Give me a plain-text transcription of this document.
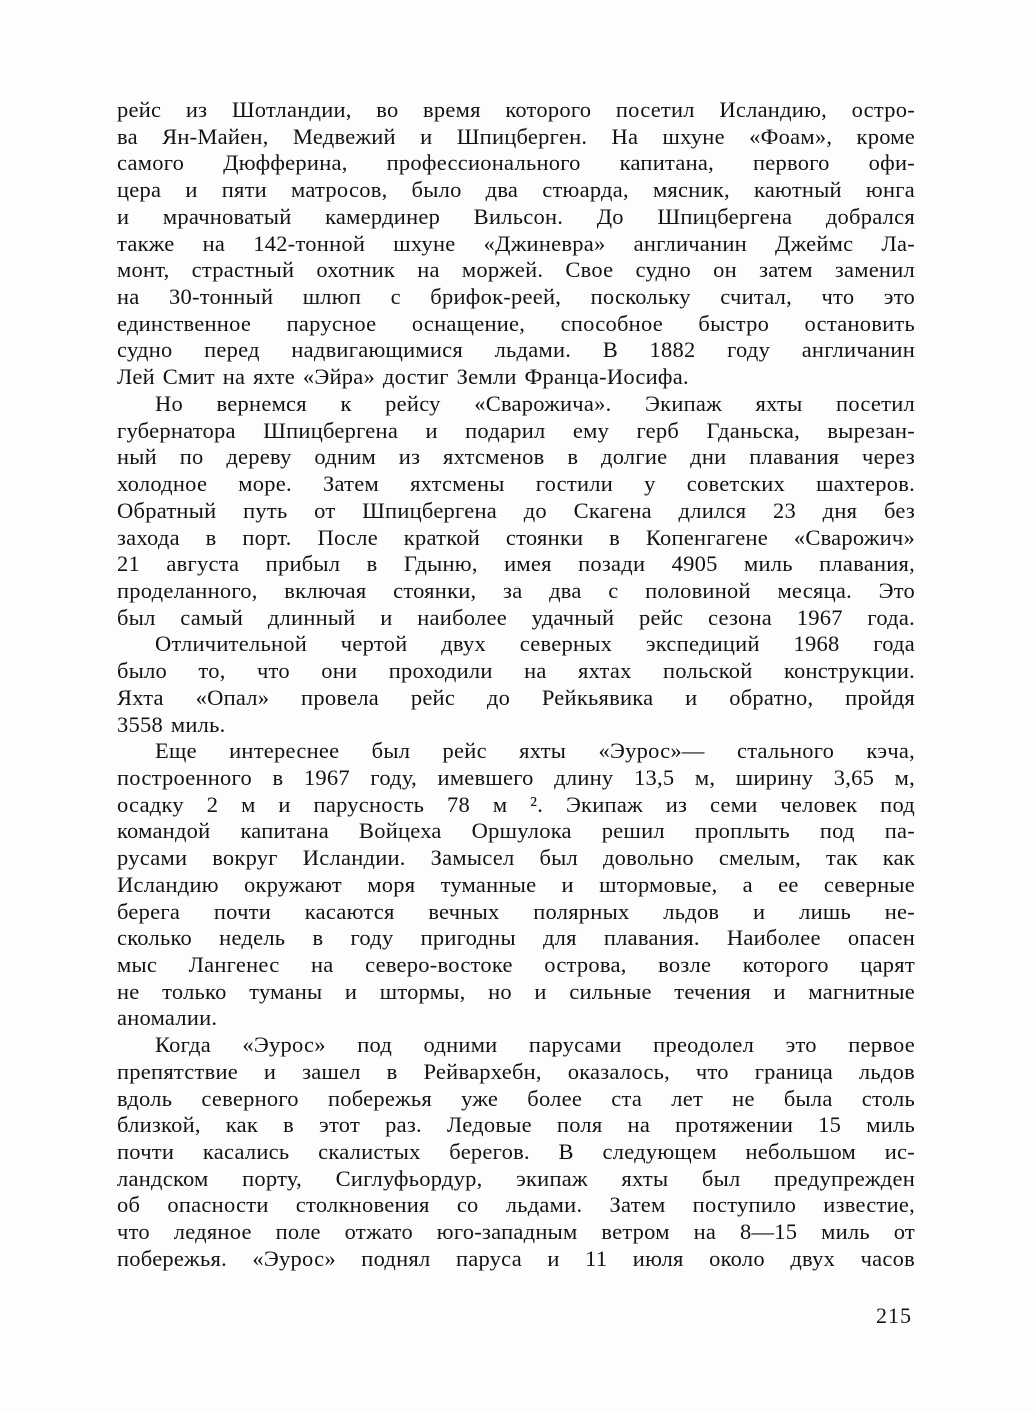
рейс из Шотландии, во время которого посетил Исландию, остро-
ва Ян-Майен, Медвежий и Шпицберген. На шхуне «Фоам», кроме
самого Дюфферина, профессионального капитана, первого офи-
цера и пяти матросов, было два стюарда, мясник, каютный юнга
и мрачноватый камердинер Вильсон. До Шпицбергена добрался
также на 142-тонной шхуне «Джиневра» англичанин Джеймс Ла-
монт, страстный охотник на моржей. Свое судно он затем заменил
на 30-тонный шлюп с брифок-реей, поскольку считал, что это
единственное парусное оснащение, способное быстро остановить
судно перед надвигающимися льдами. В 1882 году англичанин
Лей Смит на яхте «Эйра» достиг Земли Франца-Иосифа.
Но вернемся к рейсу «Сварожича». Экипаж яхты посетил
губернатора Шпицбергена и подарил ему герб Гданьска, вырезан-
ный по дереву одним из яхтсменов в долгие дни плавания через
холодное море. Затем яхтсмены гостили у советских шахтеров.
Обратный путь от Шпицбергена до Скагена длился 23 дня без
захода в порт. После краткой стоянки в Копенгагене «Сварожич»
21 августа прибыл в Гдыню, имея позади 4905 миль плавания,
проделанного, включая стоянки, за два с половиной месяца. Это
был самый длинный и наиболее удачный рейс сезона 1967 года.
Отличительной чертой двух северных экспедиций 1968 года
было то, что они проходили на яхтах польской конструкции.
Яхта «Опал» провела рейс до Рейкьявика и обратно, пройдя
3558 миль.
Еще интереснее был рейс яхты «Эурос»— стального кэча,
построенного в 1967 году, имевшего длину 13,5 м, ширину 3,65 м,
осадку 2 м и парусность 78 м ². Экипаж из семи человек под
командой капитана Войцеха Оршулока решил проплыть под па-
русами вокруг Исландии. Замысел был довольно смелым, так как
Исландию окружают моря туманные и штормовые, а ее северные
берега почти касаются вечных полярных льдов и лишь не-
сколько недель в году пригодны для плавания. Наиболее опасен
мыс Лангенес на северо-востоке острова, возле которого царят
не только туманы и штормы, но и сильные течения и магнитные
аномалии.
Когда «Эурос» под одними парусами преодолел это первое
препятствие и зашел в Рейвархебн, оказалось, что граница льдов
вдоль северного побережья уже более ста лет не была столь
близкой, как в этот раз. Ледовые поля на протяжении 15 миль
почти касались скалистых берегов. В следующем небольшом ис-
ландском порту, Сиглуфьордур, экипаж яхты был предупрежден
об опасности столкновения со льдами. Затем поступило известие,
что ледяное поле отжато юго-западным ветром на 8—15 миль от
побережья. «Эурос» поднял паруса и 11 июля около двух часов
215
